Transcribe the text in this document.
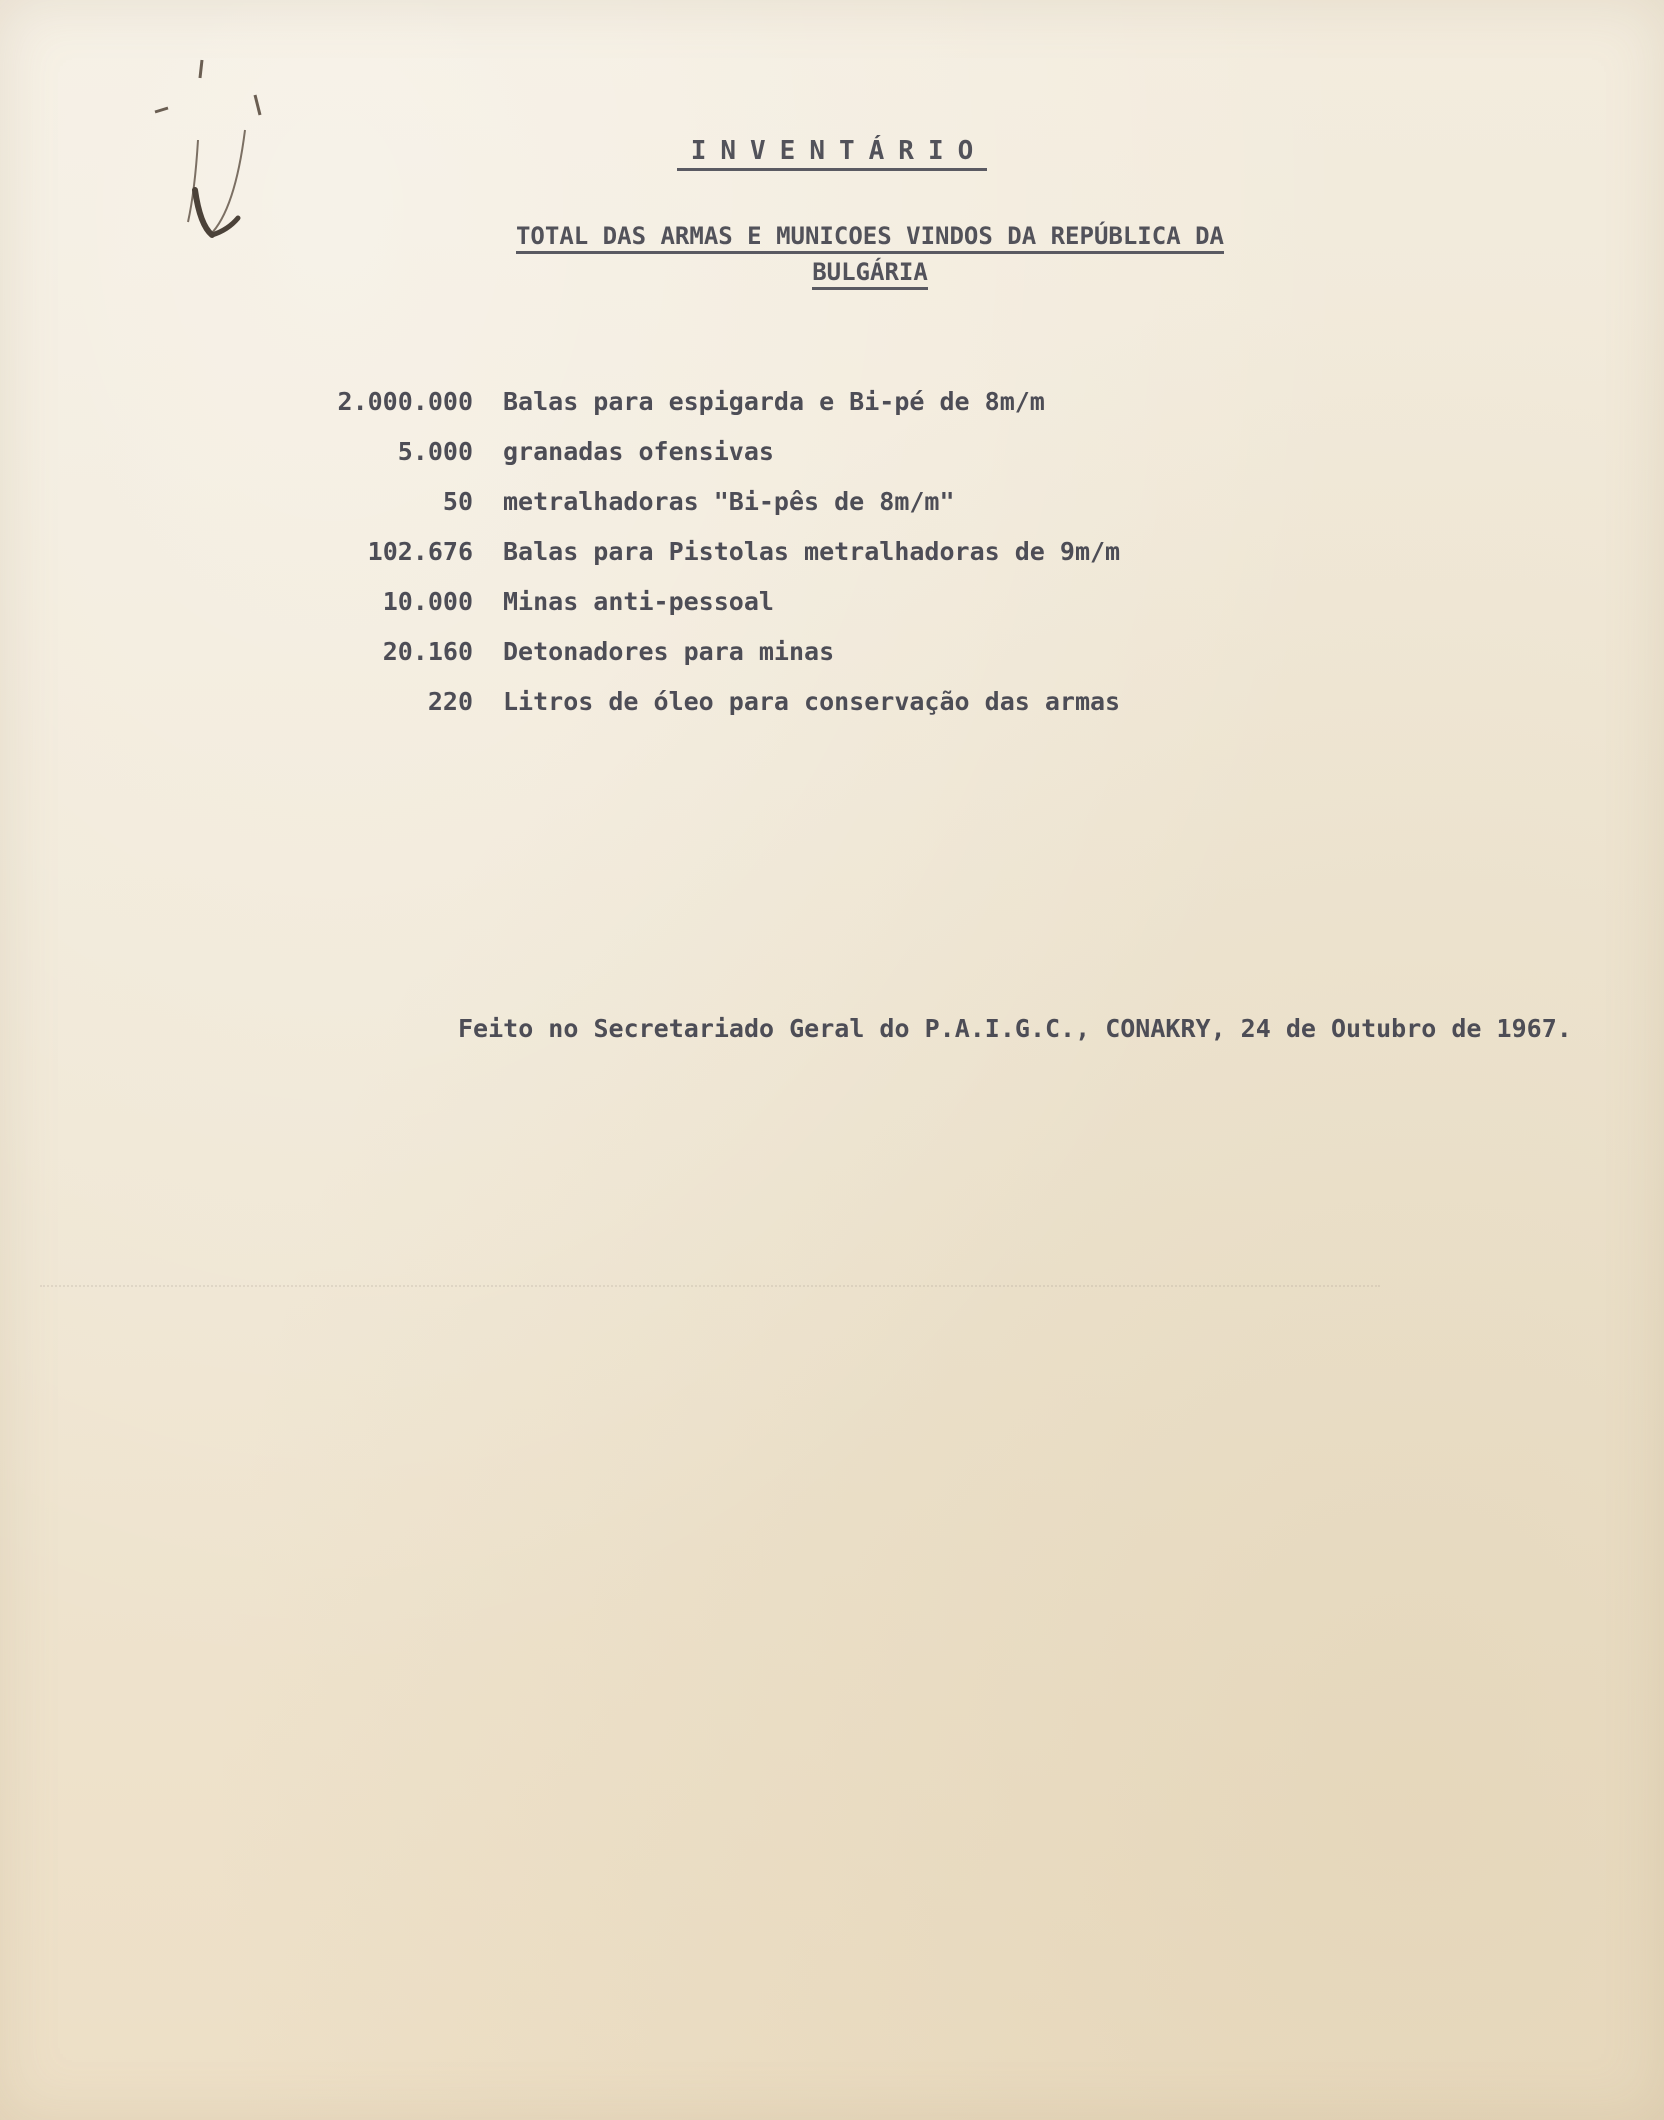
INVENTÁRIO
TOTAL DAS ARMAS E MUNICOES VINDOS DA REPÚBLICA DA
BULGÁRIA
2.000.000 Balas para espigarda e Bi-pé de 8m/m
5.000 granadas ofensivas
50 metralhadoras "Bi-pês de 8m/m"
102.676 Balas para Pistolas metralhadoras de 9m/m
10.000 Minas anti-pessoal
20.160 Detonadores para minas
220 Litros de óleo para conservação das armas
Feito no Secretariado Geral do P.A.I.G.C., CONAKRY, 24 de Outubro de 1967.
